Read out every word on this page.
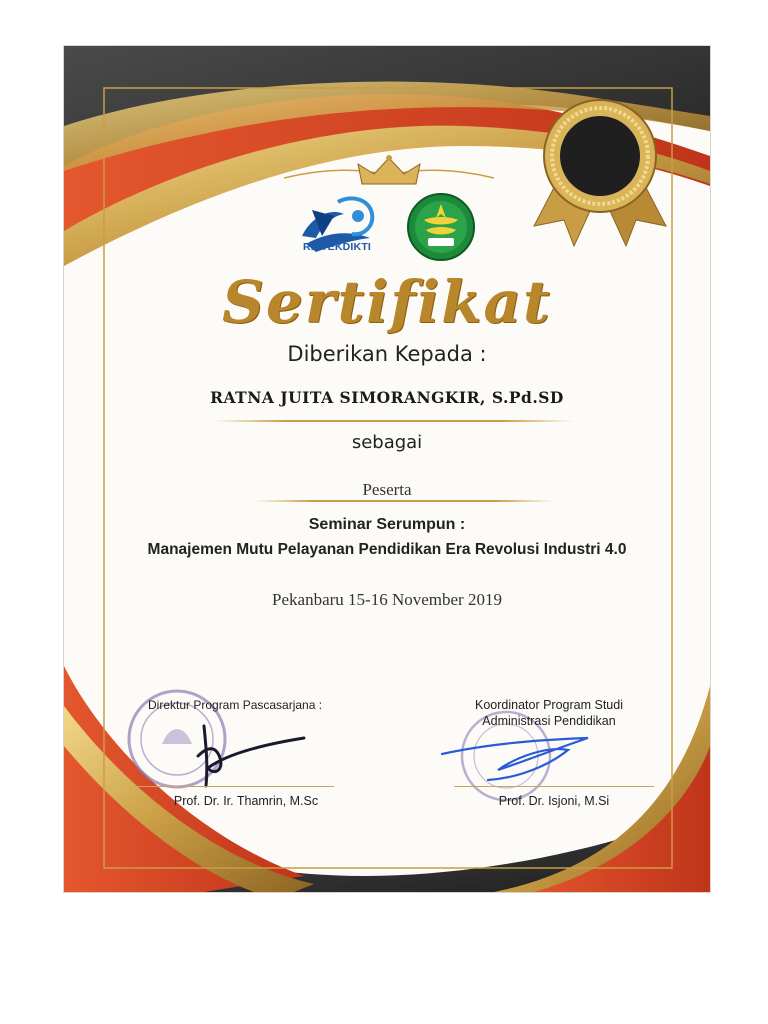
RISTEKDIKTI
Sertifikat
Diberikan Kepada :
RATNA JUITA SIMORANGKIR, S.Pd.SD
sebagai
Peserta
Seminar Serumpun :
Manajemen Mutu Pelayanan Pendidikan Era Revolusi Industri 4.0
Pekanbaru 15-16 November 2019
Direktur Program Pascasarjana :	Koordinator Program Studi
Administrasi Pendidikan
Prof. Dr. Ir. Thamrin, M.Sc	Prof. Dr. Isjoni, M.Si
